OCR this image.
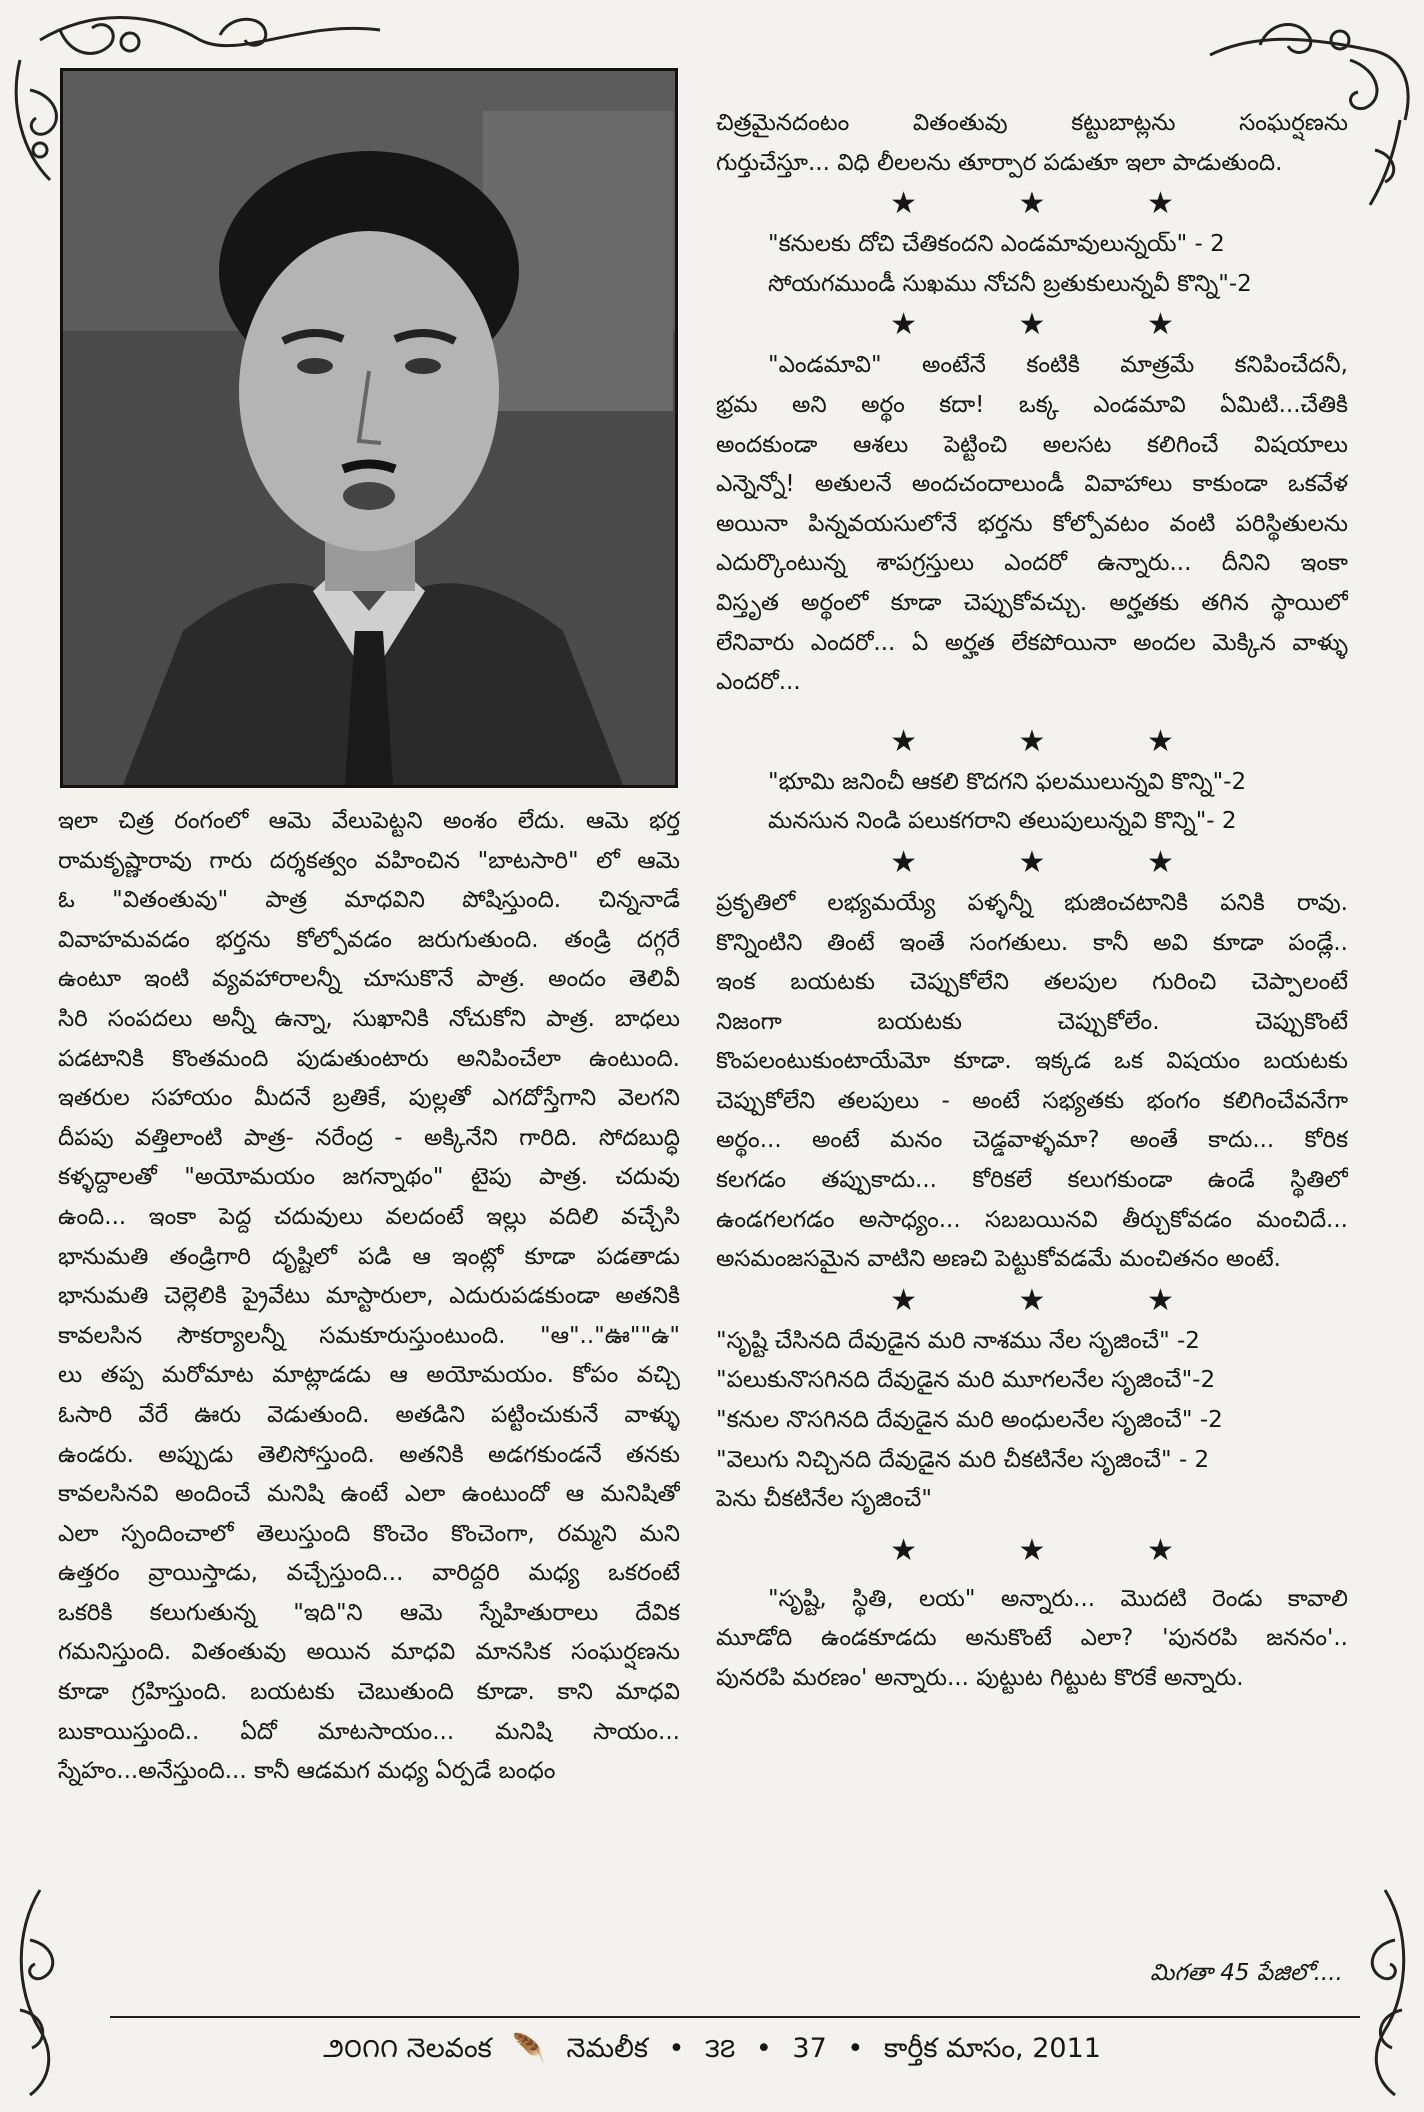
ఇలా చిత్ర రంగంలో ఆమె వేలుపెట్టని అంశం లేదు. ఆమె భర్త
రామకృష్ణారావు గారు దర్శకత్వం వహించిన "బాటసారి" లో ఆమె
ఓ "వితంతువు" పాత్ర మాధవిని పోషిస్తుంది. చిన్ననాడే
వివాహమవడం భర్తను కోల్పోవడం జరుగుతుంది. తండ్రి దగ్గరే
ఉంటూ ఇంటి వ్యవహారాలన్నీ చూసుకొనే పాత్ర. అందం తెలివీ
సిరి సంపదలు అన్నీ ఉన్నా, సుఖానికి నోచుకోని పాత్ర. బాధలు
పడటానికి కొంతమంది పుడుతుంటారు అనిపించేలా ఉంటుంది.
ఇతరుల సహాయం మీదనే బ్రతికే, పుల్లతో ఎగదోస్తేగాని వెలగని
దీపపు వత్తిలాంటి పాత్ర- నరేంద్ర - అక్కినేని గారిది. సోదబుద్ధి
కళ్ళద్దాలతో "అయోమయం జగన్నాథం" టైపు పాత్ర. చదువు
ఉంది... ఇంకా పెద్ద చదువులు వలదంటే ఇల్లు వదిలి వచ్చేసి
భానుమతి తండ్రిగారి దృష్టిలో పడి ఆ ఇంట్లో కూడా పడతాడు
భానుమతి చెల్లెలికి ప్రైవేటు మాస్టారులా, ఎదురుపడకుండా అతనికి
కావలసిన సౌకర్యాలన్నీ సమకూరుస్తుంటుంది. "ఆ".."ఊ""ఉ"
లు తప్ప మరోమాట మాట్లాడడు ఆ అయోమయం. కోపం వచ్చి
ఓసారి వేరే ఊరు వెడుతుంది. అతడిని పట్టించుకునే వాళ్ళు
ఉండరు. అప్పుడు తెలిసోస్తుంది. అతనికి అడగకుండనే తనకు
కావలసినవి అందించే మనిషి ఉంటే ఎలా ఉంటుందో ఆ మనిషితో
ఎలా స్పందించాలో తెలుస్తుంది కొంచెం కొంచెంగా, రమ్మని మని
ఉత్తరం వ్రాయిస్తాడు, వచ్చేస్తుంది... వారిద్దరి మధ్య ఒకరంటే
ఒకరికి కలుగుతున్న "ఇది"ని ఆమె స్నేహితురాలు దేవిక
గమనిస్తుంది. వితంతువు అయిన మాధవి మానసిక సంఘర్షణను
కూడా గ్రహిస్తుంది. బయటకు చెబుతుంది కూడా. కాని మాధవి
బుకాయిస్తుంది.. ఏదో మాటసాయం... మనిషి సాయం...
స్నేహం...అనేస్తుంది... కానీ ఆడమగ మధ్య ఏర్పడే బంధం
చిత్రమైనదంటం వితంతువు కట్టుబాట్లను సంఘర్షణను
గుర్తుచేస్తూ... విధి లీలలను తూర్పార పడుతూ ఇలా పాడుతుంది.
★ ★ ★
"కనులకు దోచి చేతికందని ఎండమావులున్నయ్" - 2
సోయగముండీ సుఖము నోచనీ బ్రతుకులున్నవీ కొన్ని"-2
★ ★ ★
"ఎండమావి" అంటేనే కంటికి మాత్రమే కనిపించేదనీ,
భ్రమ అని అర్థం కదా! ఒక్క ఎండమావి ఏమిటి...చేతికి
అందకుండా ఆశలు పెట్టించి అలసట కలిగించే విషయాలు
ఎన్నెన్నో! అతులనే అందచందాలుండీ వివాహాలు కాకుండా ఒకవేళ
అయినా పిన్నవయసులోనే భర్తను కోల్పోవటం వంటి పరిస్థితులను
ఎదుర్కొంటున్న శాపగ్రస్తులు ఎందరో ఉన్నారు... దీనిని ఇంకా
విస్తృత అర్థంలో కూడా చెప్పుకోవచ్చు. అర్హతకు తగిన స్థాయిలో
లేనివారు ఎందరో... ఏ అర్హత లేకపోయినా అందల మెక్కిన వాళ్ళు
ఎందరో...
★ ★ ★
"భూమి జనించీ ఆకలి కొదగని ఫలములున్నవి కొన్ని"-2
మనసున నిండి పలుకగరాని తలుపులున్నవి కొన్ని"- 2
★ ★ ★
ప్రకృతిలో లభ్యమయ్యే పళ్ళన్నీ భుజించటానికి పనికి రావు.
కొన్నింటిని తింటే ఇంతే సంగతులు. కానీ అవి కూడా పండ్లే..
ఇంక బయటకు చెప్పుకోలేని తలపుల గురించి చెప్పాలంటే
నిజంగా బయటకు చెప్పుకోలేం. చెప్పుకొంటే
కొంపలంటుకుంటాయేమో కూడా. ఇక్కడ ఒక విషయం బయటకు
చెప్పుకోలేని తలపులు - అంటే సభ్యతకు భంగం కలిగించేవనేగా
అర్థం... అంటే మనం చెడ్డవాళ్ళమా? అంతే కాదు... కోరిక
కలగడం తప్పుకాదు... కోరికలే కలుగకుండా ఉండే స్థితిలో
ఉండగలగడం అసాధ్యం... సబబయినవి తీర్చుకోవడం మంచిదే...
అసమంజసమైన వాటిని అణచి పెట్టుకోవడమే మంచితనం అంటే.
★ ★ ★
"సృష్టి చేసినది దేవుడైన మరి నాశము నేల సృజించే" -2
"పలుకునొసగినది దేవుడైన మరి మూగలనేల సృజించే"-2
"కనుల నొసగినది దేవుడైన మరి అంధులనేల సృజించే" -2
"వెలుగు నిచ్చినది దేవుడైన మరి చీకటినేల సృజించే" - 2
పెను చీకటినేల సృజించే"
★ ★ ★
"సృష్టి, స్థితి, లయ" అన్నారు... మొదటి రెండు కావాలి
మూడోది ఉండకూడదు అనుకొంటే ఎలా? 'పునరపి జననం'..
పునరపి మరణం' అన్నారు... పుట్టుట గిట్టుట కొరకే అన్నారు.
మిగతా 45 పేజిలో....
౨౦౧౧ నెలవంక 🪶 నెమలీక • ౩౭ • 37 • కార్తీక మాసం, 2011
